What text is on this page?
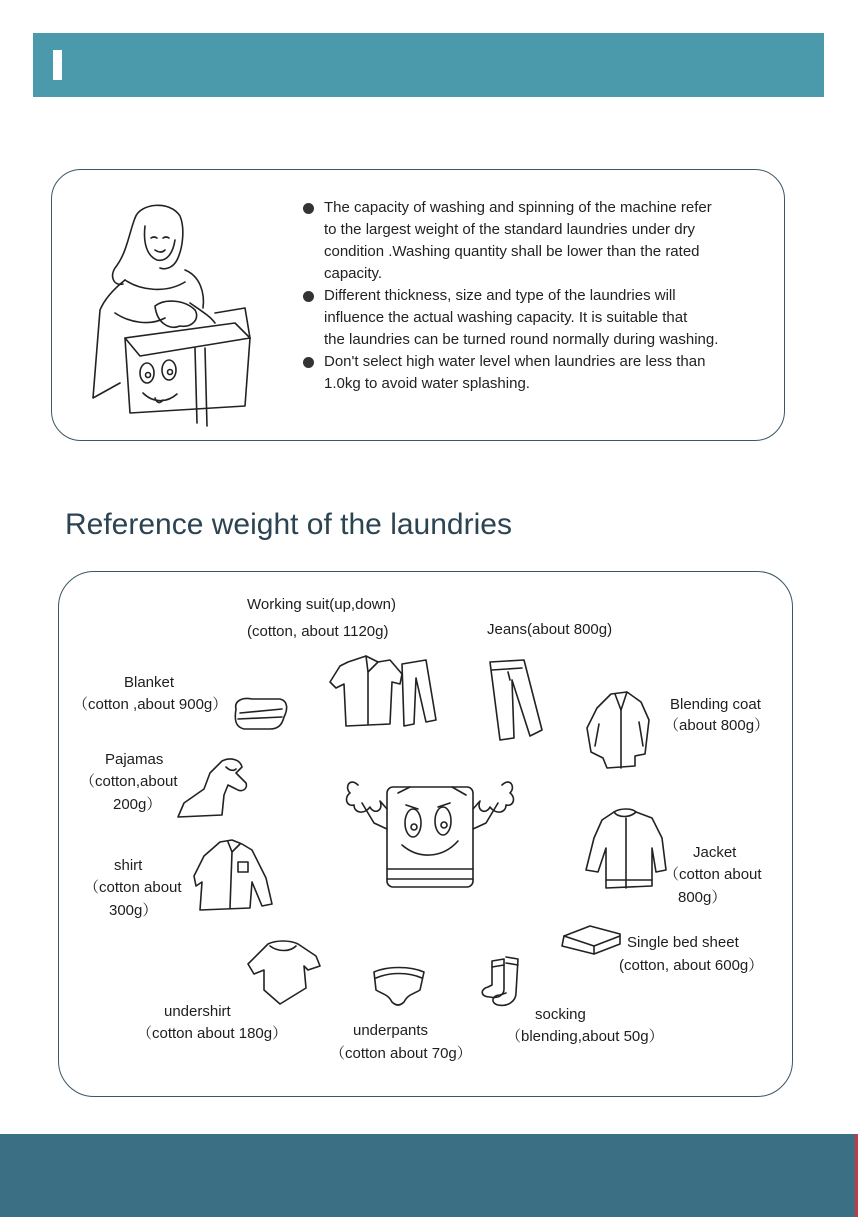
The capacity of washing and spinning of the machine refer
to the largest weight of the standard laundries under dry
condition .Washing quantity shall be lower than the rated
capacity.
Different thickness, size and type of the laundries will
influence the actual washing capacity. It is suitable that
the laundries can be turned round normally during washing.
Don't select high water level when laundries are less than
1.0kg to avoid water splashing.
Reference weight of the laundries
Working suit(up,down)
(cotton, about 1120g)	Jeans(about 800g)
Blanket
（cotton ,about 900g）	Blending coat
（about 800g）
Pajamas
（cotton,about
200g）
Jacket
（cotton about
800g）
shirt
（cotton about
300g）
Single bed sheet
(cotton, about 600g）
undershirt
（cotton about 180g）	underpants
（cotton about 70g）
socking
（blending,about 50g）
